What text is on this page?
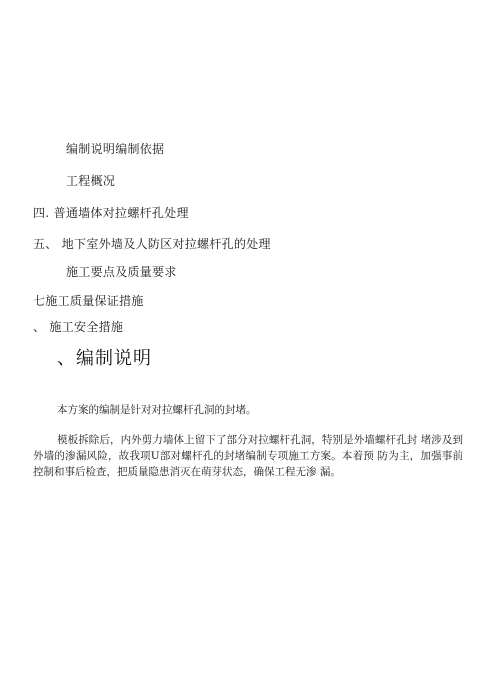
编制说明编制依据
工程概况
四. 普通墙体对拉螺杆孔处理
五、 地下室外墙及人防区对拉螺杆孔的处理
施工要点及质量要求
七施工质量保证措施
、 施工安全措施
、编制说明

本方案的编制是针对对拉螺杆孔洞的封堵。

模板拆除后，内外剪力墙体上留下了部分对拉螺杆孔洞，特别是外墙螺杆孔封 堵涉及到外墙的渗漏风险，故我项U部对螺杆孔的封堵编制专项施工方案。本着预 防为主，加强事前控制和事后检查，把质量隐患消灭在萌芽状态，确保工程无渗 漏。
